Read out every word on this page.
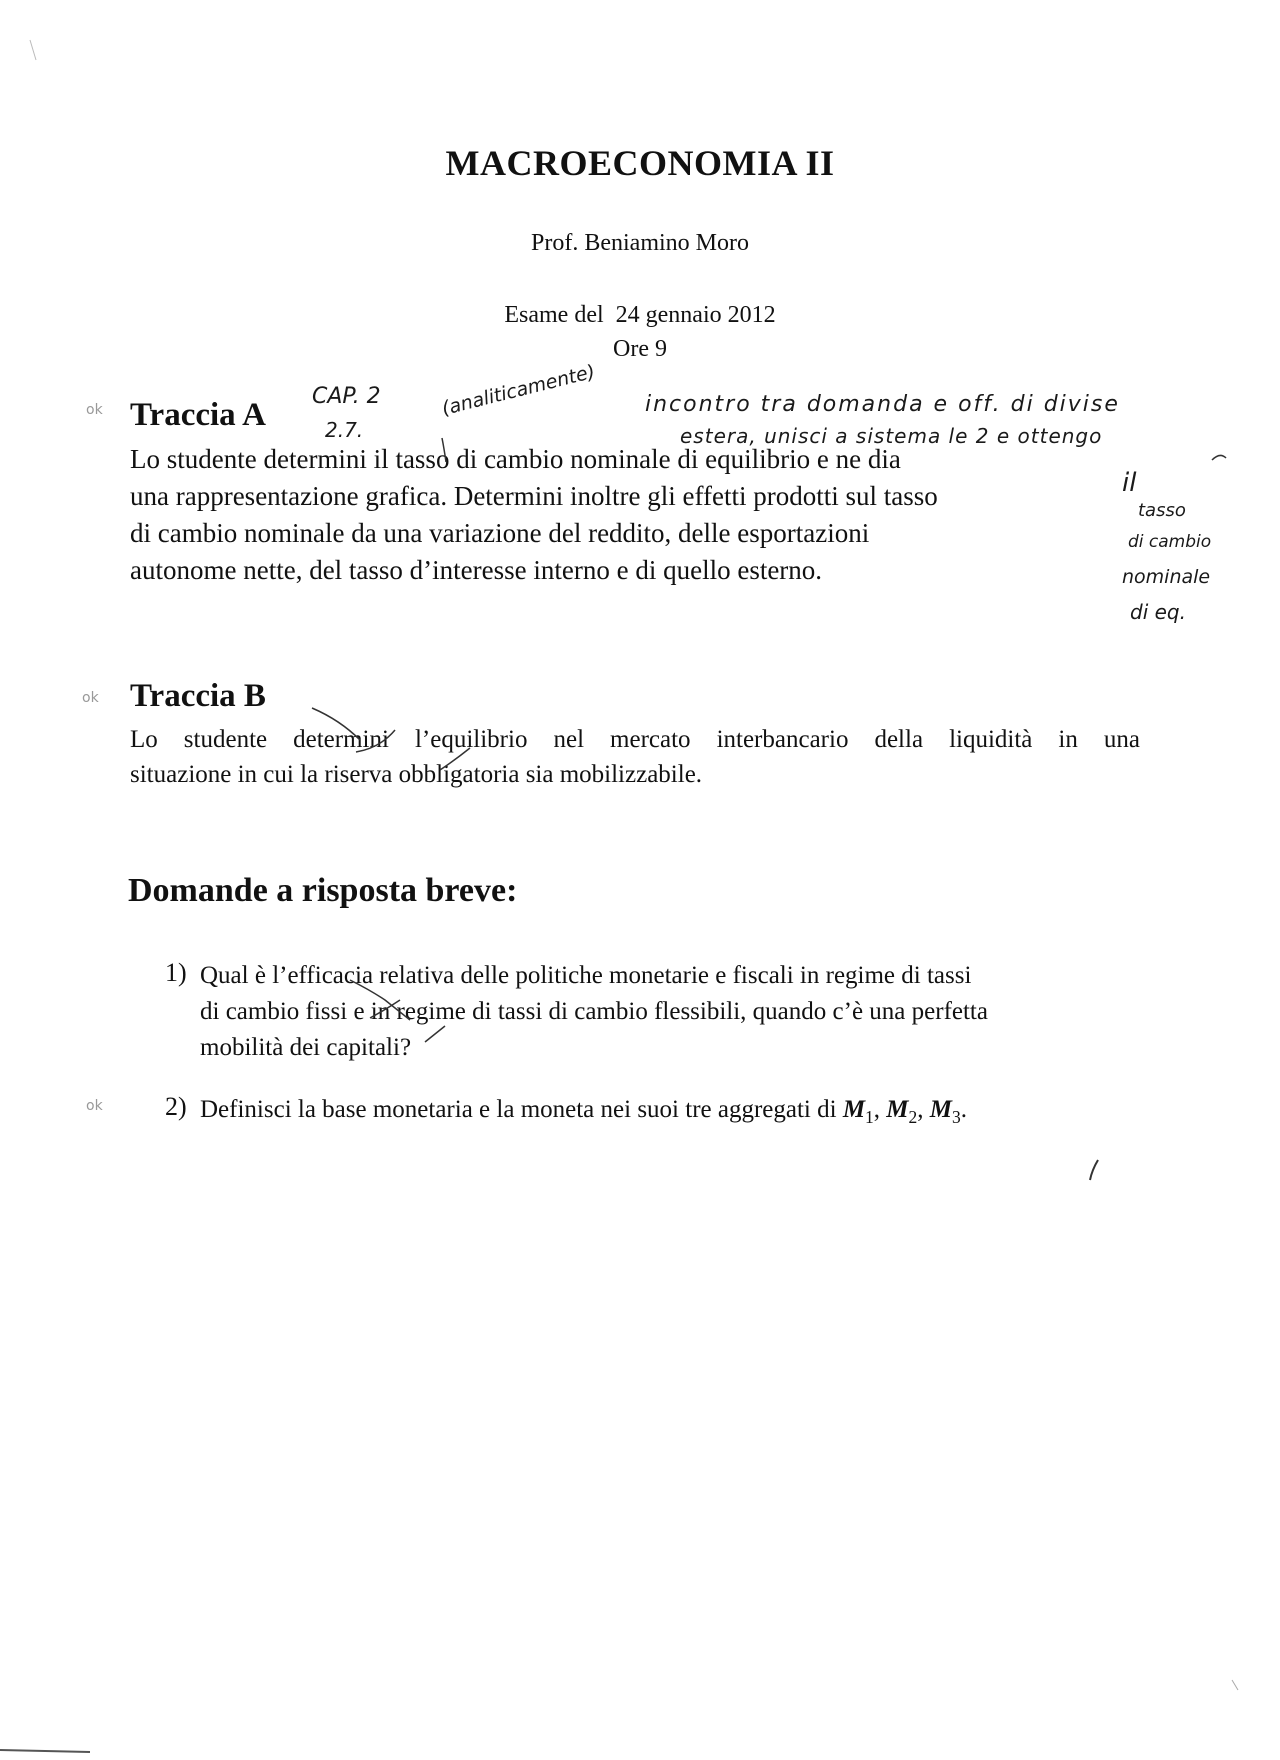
MACROECONOMIA II
Prof. Beniamino Moro
Esame del  24 gennaio 2012
Ore 9
ok Traccia A
Lo studente determini il tasso di cambio nominale di equilibrio e ne dia
una rappresentazione grafica. Determini inoltre gli effetti prodotti sul tasso
di cambio nominale da una variazione del reddito, delle esportazioni
autonome nette, del tasso d’interesse interno e di quello esterno.
CAP. 2
2.7.
(analiticamente) incontro tra domanda e off. di divise
estera, unisci a sistema le 2 e ottengo
il
tasso
di cambio
nominale
di eq.
ok Traccia B
Lo studente determini l’equilibrio nel mercato interbancario della liquidità in una
situazione in cui la riserva obbligatoria sia mobilizzabile.
Domande a risposta breve:
1) Qual è l’efficacia relativa delle politiche monetarie e fiscali in regime di tassi
di cambio fissi e in regime di tassi di cambio flessibili, quando c’è una perfetta
mobilità dei capitali?
ok 2) Definisci la base monetaria e la moneta nei suoi tre aggregati di $M_1$, $M_2$, $M_3$.
